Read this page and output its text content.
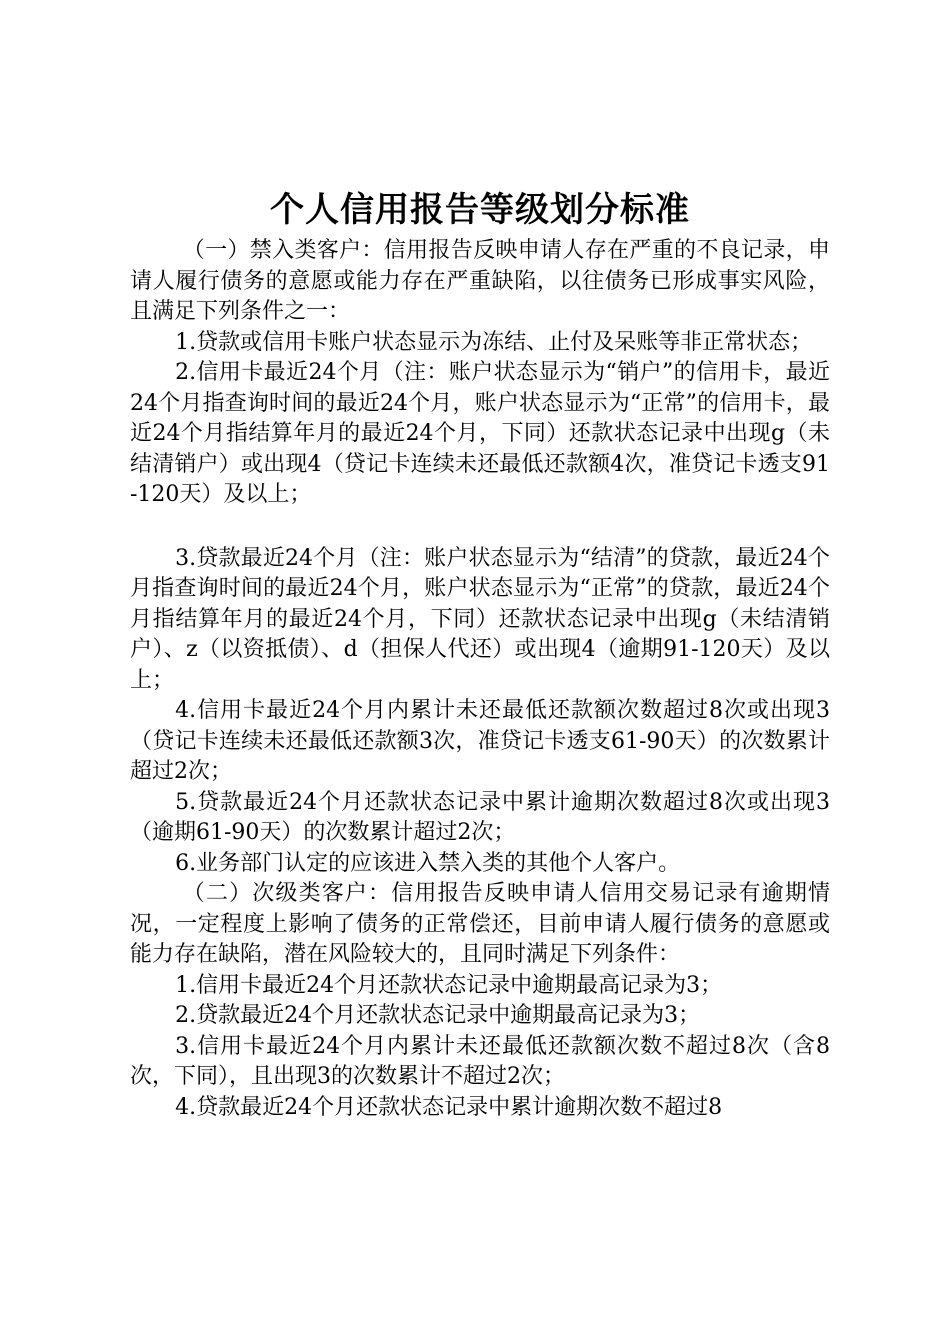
个人信用报告等级划分标准

（一）禁入类客户：信用报告反映申请人存在严重的不良记录，申请人履行债务的意愿或能力存在严重缺陷，以往债务已形成事实风险，且满足下列条件之一：

1.贷款或信用卡账户状态显示为冻结、止付及呆账等非正常状态；

2.信用卡最近24个月（注：账户状态显示为“销户”的信用卡，最近24个月指查询时间的最近24个月，账户状态显示为“正常”的信用卡，最近24个月指结算年月的最近24个月，下同）还款状态记录中出现g（未结清销户）或出现4（贷记卡连续未还最低还款额4次，准贷记卡透支91-120天）及以上；

3.贷款最近24个月（注：账户状态显示为“结清”的贷款，最近24个月指查询时间的最近24个月，账户状态显示为“正常”的贷款，最近24个月指结算年月的最近24个月，下同）还款状态记录中出现g（未结清销户）、z（以资抵债）、d（担保人代还）或出现4（逾期91-120天）及以上；

4.信用卡最近24个月内累计未还最低还款额次数超过8次或出现3（贷记卡连续未还最低还款额3次，准贷记卡透支61-90天）的次数累计超过2次；

5.贷款最近24个月还款状态记录中累计逾期次数超过8次或出现3（逾期61-90天）的次数累计超过2次；

6.业务部门认定的应该进入禁入类的其他个人客户。

（二）次级类客户：信用报告反映申请人信用交易记录有逾期情况，一定程度上影响了债务的正常偿还，目前申请人履行债务的意愿或能力存在缺陷，潜在风险较大的，且同时满足下列条件：

1.信用卡最近24个月还款状态记录中逾期最高记录为3；

2.贷款最近24个月还款状态记录中逾期最高记录为3；

3.信用卡最近24个月内累计未还最低还款额次数不超过8次（含8次，下同），且出现3的次数累计不超过2次；

4.贷款最近24个月还款状态记录中累计逾期次数不超过8
